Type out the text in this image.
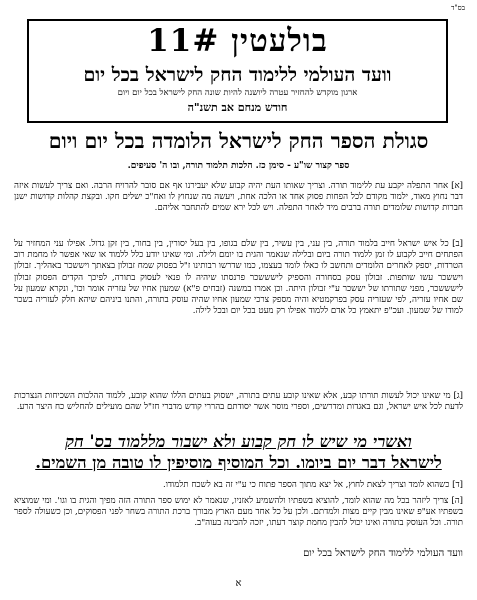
בס"ד
בולעטין 11#
וועד העולמי ללימוד החק לישראל בכל יום
ארגון מוקדש להחזיר עטרה ליושנה להיות שונה החק לישראל בכל יום ויום
חודש מנחם אב תשנ"ה
סגולת הספר החק לישראל הלומדה בכל יום ויום
ספר קצור שו"ע - סימן כז. הלכות תלמוד תורה, ובו ה' סעיפים.

[א] אחר התפלה יקבע עת ללימוד תורה. וצריך שאותו העת יהיה קבוע שלא יעבירנו אף אם סובר להרויח הרבה. ואם צריך לעשות איזה דבר נחוץ מאוד, ילמוד מקודם לכל הפחות פסוק אחד או הלכה אחת, ויעשה מה שנחוץ לו ואח"כ ישלים חקו. ובקצת קהלות קדושות ישנן חברות קדושות שלומדים תורה ברבים מיד לאחר התפלה. ויש לכל ירא שמים להתחבר אליהם.

[ב] כל איש ישראל חייב בלמוד תורה, בין עני, בין עשיר, בין שלם בגופו, בין בעל יסורין, בין בחור, בין זקן גדול. אפילו עני המחזיר על הפתחים חייב לקבוע לו זמן ללמוד תורה ביום ובלילה שנאמר והגית בו יומם ולילה. ומי שאינו יודע כלל ללמוד או שאי אפשר לו מחמת רוב הטרדות, יספק לאחרים הלומדים ותחשב לו כאלו לומד בעצמו, כמו שדרשו רבותינו ז"ל בפסוק שמח זבולון בצאתך ויששכר באהליך. זבולון ויששכר עשו שותפות. זבולון עסק בסחורה והספיק לישששכר פרנסתו שיהיה לו פנאי לעסוק בתורה, לפיכך הקדים הפסוק זבולון לישששכר, מפני שתורתו של יששכר ע"י זבולון היתה. וכן אמרו במשנה (זבחים פ"א) שמעון אחיו של עזריה אומר וכו', ונקרא שמעון על שם אחיו עזריה, לפי שעזריה עסק בפרקמטיא והיה מספק צרכי שמעון אחיו שהיה עוסק בתורה, והתנו ביניהם שיהא חלק לעזריה בשכר למודו של שמעון. ועכ"פ יתאמץ כל אדם ללמוד אפילו רק מעט בכל יום ובכל לילה.

[ג] מי שאינו יכול לעשות תורתו קבע, אלא שאינו קובע עתים בתורה, ישסוק בעתים הללו שהוא קובע, ללמוד ההלכות השכיחות הנצרכות לדעת לכל איש ישראל, וגם באגדות ומדרשים, וספרי מוסר אשר יסודתם בהררי קודש מדברי חז"ל שהם מועילים להחליש כח היצר הרע.

ואשרי מי שיש לו חק קבוע ולא ישבור מללמוד בס' חק
לישראל דבר יום ביומו. וכל המוסיף מוסיפין לו טובה מן השמים.

[ד] כשהוא לומד וצריך לצאת לחוץ, אל יצא מתוך הספר פתוח כי ע"י זה בא לשכח תלמודו.

[ה] צריך ליזהר בכל מה שהוא לומד, להוציא בשפתיו ולהשמיע לאזניו, שנאמר לא ימוש ספר התורה הזה מפיך והגית בו וגו'. ומי שמוציא בשפתיו אע"פ שאינו מבין קיים מצות ולמדתם. ולכן על כל אחד מעם הארץ מבורך ברכת התורה בשחר לפני הפסוקים, וכן כשעולה לספר תורה. וכל העוסק בתורה ואינו יכול להבין מחמת קוצר דעתו, יזכה להבינה בעוה"ב.

וועד העולמי ללימוד החק לישראל בכל יום
א
